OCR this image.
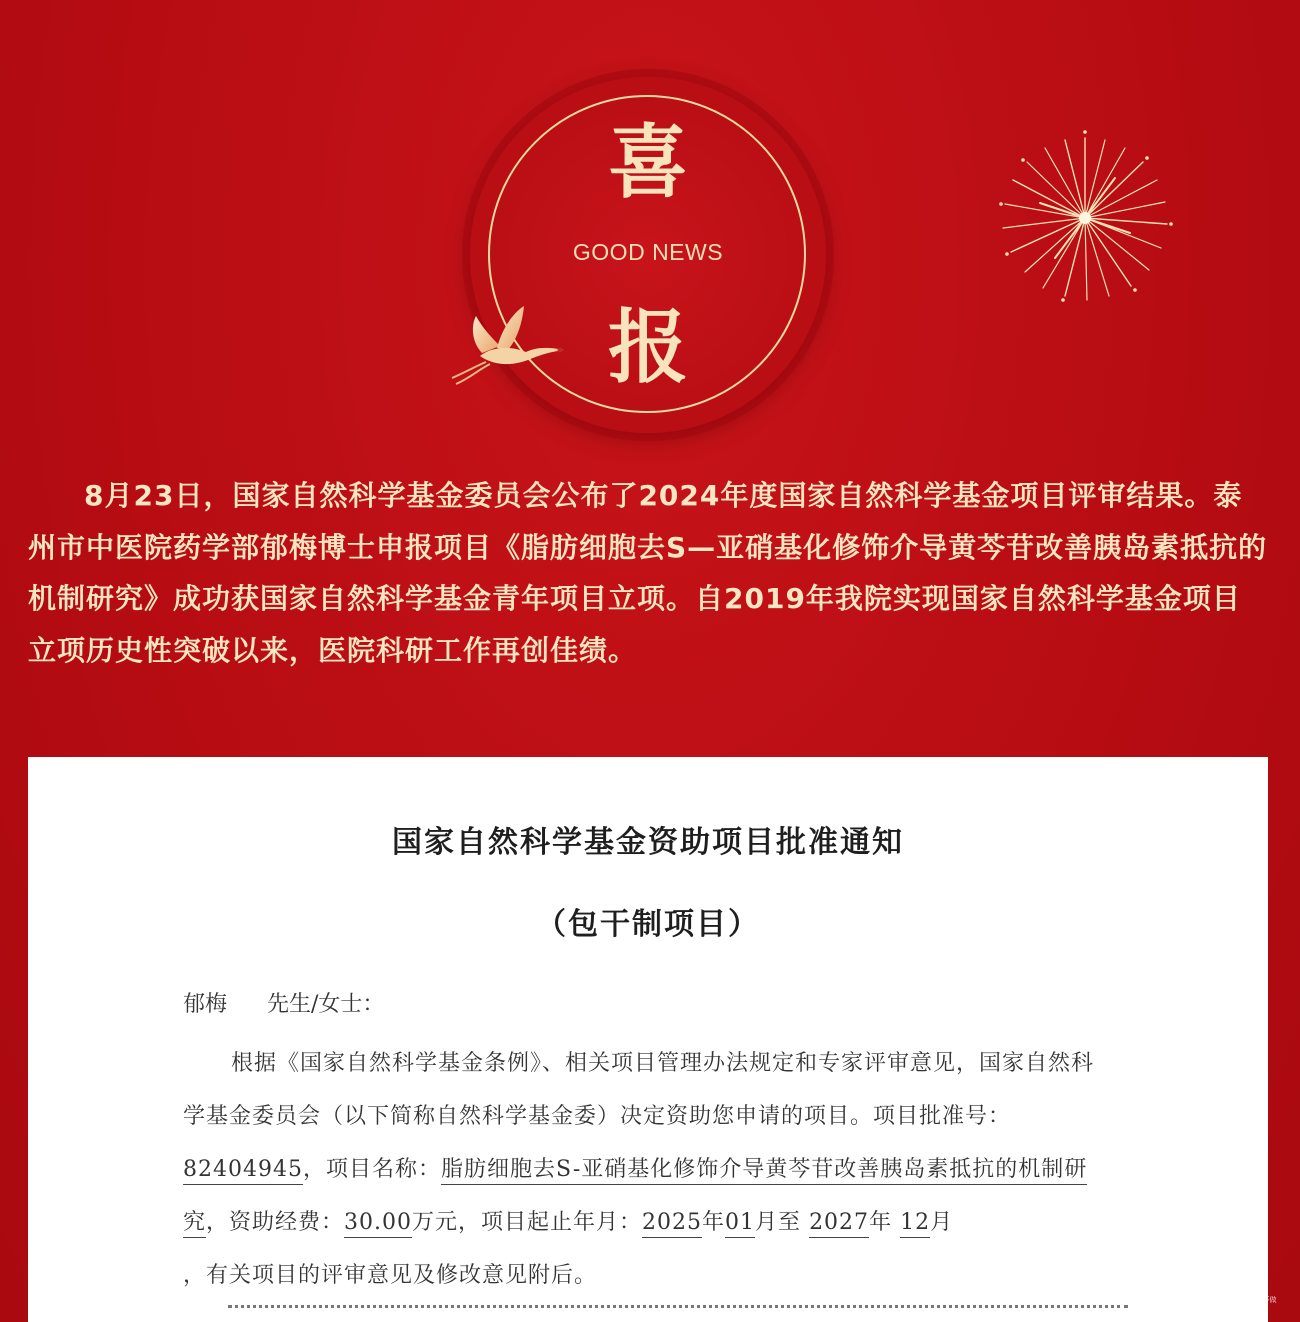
喜
GOOD NEWS
报

8月23日，国家自然科学基金委员会公布了2024年度国家自然科学基金项目评审结果。泰州市中医院药学部郁梅博士申报项目《脂肪细胞去S—亚硝基化修饰介导黄芩苷改善胰岛素抵抗的机制研究》成功获国家自然科学基金青年项目立项。自2019年我院实现国家自然科学基金项目立项历史性突破以来，医院科研工作再创佳绩。

国家自然科学基金资助项目批准通知
（包干制项目）
郁梅 先生/女士：
根据《国家自然科学基金条例》、相关项目管理办法规定和专家评审意见，国家自然科学基金委员会（以下简称自然科学基金委）决定资助您申请的项目。项目批准号：82404945，项目名称：脂肪细胞去S-亚硝基化修饰介导黄芩苷改善胰岛素抵抗的机制研究，资助经费：30.00万元，项目起止年月：2025年01月至 2027年 12月
，有关项目的评审意见及修改意见附后。
新元 www.163.net
数据来自 · 仅供参考 · 不做
